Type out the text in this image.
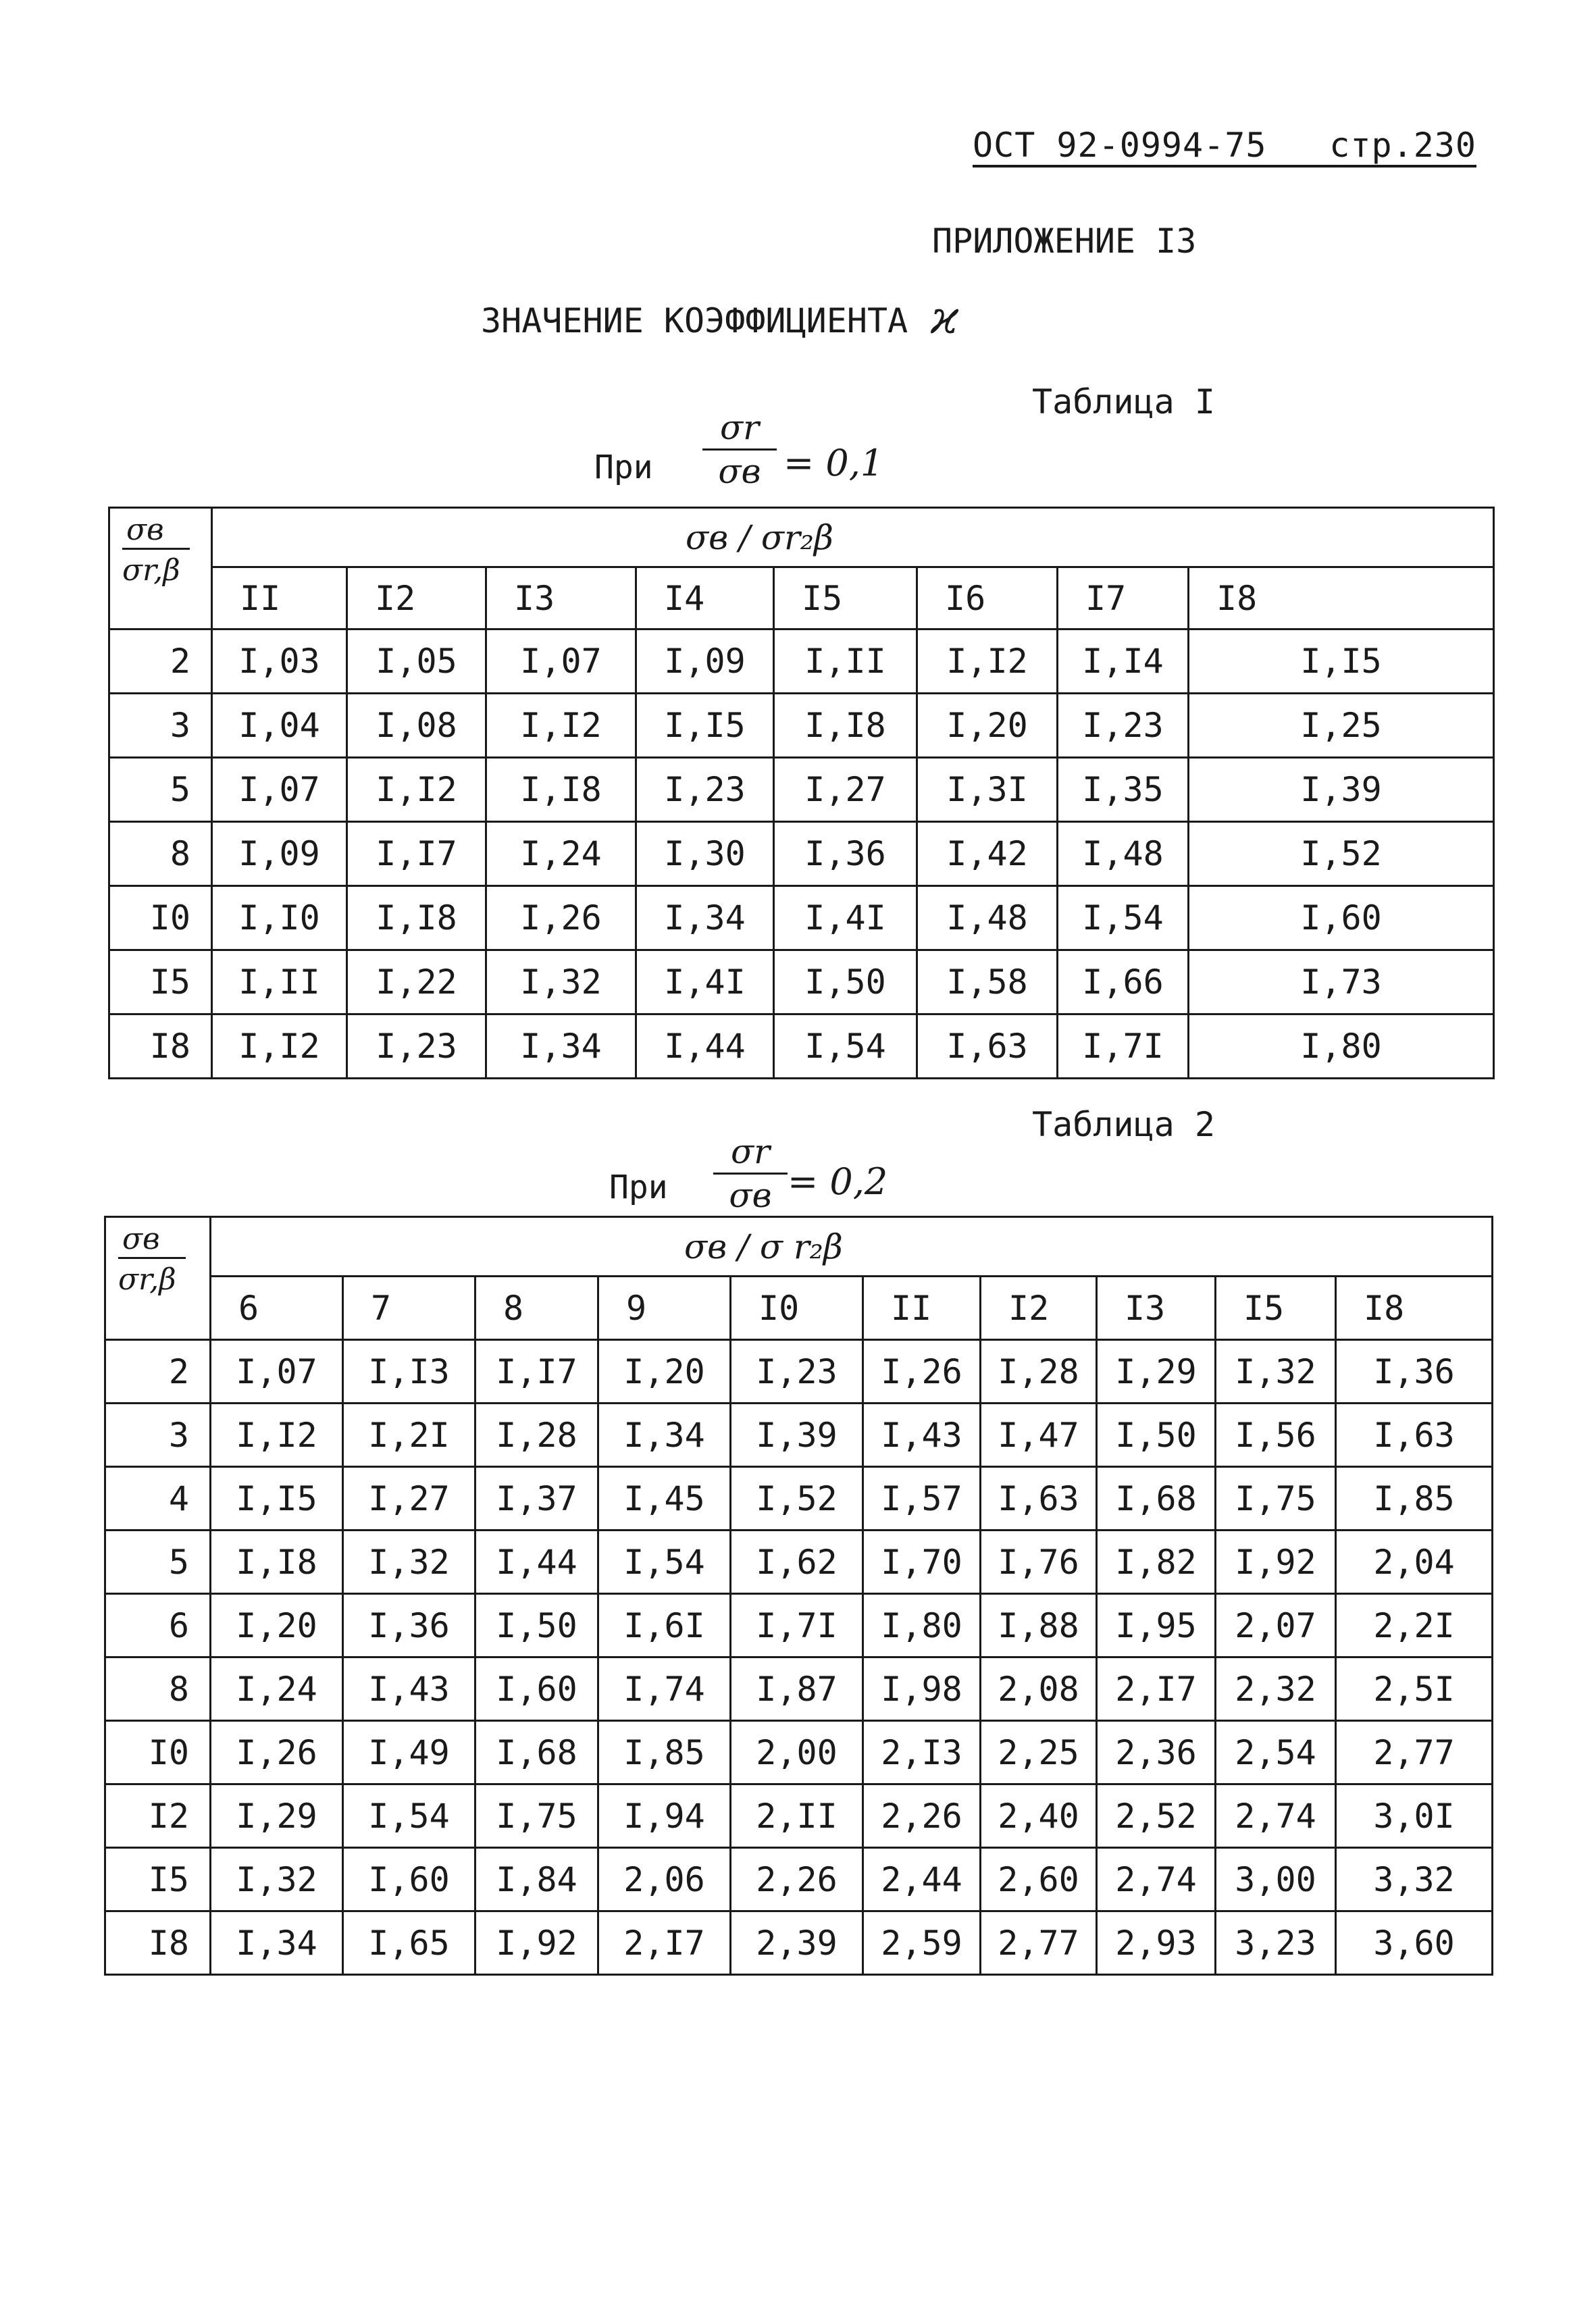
ОСТ 92-0994-75 стр.230
ПРИЛОЖЕНИЕ I3
ЗНАЧЕНИЕ КОЭФФИЦИЕНТА ϰ
Таблица I
При
σr
σв = 0,1
σв
σr,β	σв / σr₂β							
	II	I2	I3	I4	I5	I6	I7	I8
2	I,03	I,05	I,07	I,09	I,II	I,I2	I,I4	I,I5
3	I,04	I,08	I,I2	I,I5	I,I8	I,20	I,23	I,25
5	I,07	I,I2	I,I8	I,23	I,27	I,3I	I,35	I,39
8	I,09	I,I7	I,24	I,30	I,36	I,42	I,48	I,52
I0	I,I0	I,I8	I,26	I,34	I,4I	I,48	I,54	I,60
I5	I,II	I,22	I,32	I,4I	I,50	I,58	I,66	I,73
I8	I,I2	I,23	I,34	I,44	I,54	I,63	I,7I	I,80
Таблица 2
При
σr
σв = 0,2
σв
σr,β	σв / σ r₂β									
	6	7	8	9	I0	II	I2	I3	I5	I8
2	I,07	I,I3	I,I7	I,20	I,23	I,26	I,28	I,29	I,32	I,36
3	I,I2	I,2I	I,28	I,34	I,39	I,43	I,47	I,50	I,56	I,63
4	I,I5	I,27	I,37	I,45	I,52	I,57	I,63	I,68	I,75	I,85
5	I,I8	I,32	I,44	I,54	I,62	I,70	I,76	I,82	I,92	2,04
6	I,20	I,36	I,50	I,6I	I,7I	I,80	I,88	I,95	2,07	2,2I
8	I,24	I,43	I,60	I,74	I,87	I,98	2,08	2,I7	2,32	2,5I
I0	I,26	I,49	I,68	I,85	2,00	2,I3	2,25	2,36	2,54	2,77
I2	I,29	I,54	I,75	I,94	2,II	2,26	2,40	2,52	2,74	3,0I
I5	I,32	I,60	I,84	2,06	2,26	2,44	2,60	2,74	3,00	3,32
I8	I,34	I,65	I,92	2,I7	2,39	2,59	2,77	2,93	3,23	3,60
